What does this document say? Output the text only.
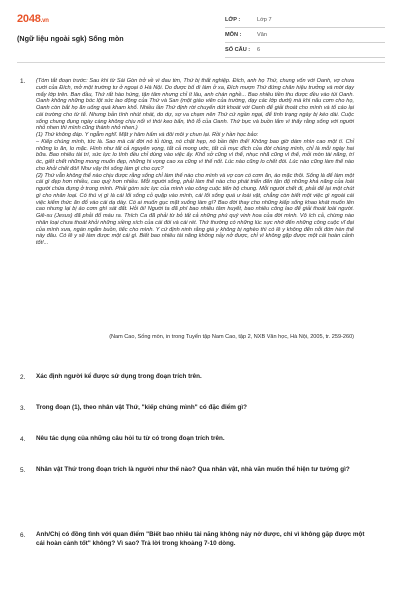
2048.vn
(Ngữ liệu ngoài sgk) Sống mòn
LỚP :	Lớp 7
MÔN :	Văn
SỐ CÂU :	6
1. (Tóm tắt đoạn trước: Sau khi từ Sài Gòn trở về vì đau tim, Thứ bị thất nghiệp. Đích, anh họ Thứ, chung vốn với Oanh, vợ chưa cưới của Đích, mở một trường tư ở ngoại ô Hà Nội. Do được bố dì làm ở xa, Đích mượn Thứ đứng chân hiệu trưởng và mời dạy mấy lớp trên. Ban đầu, Thứ rất hào hứng, tận tâm nhưng chỉ ít lâu, anh chán nghề... Bao nhiêu tiền thu được đều vào túi Oanh. Oanh không những bóc lột sức lao động của Thứ và San (một giáo viên của trường, dạy các lớp dưới) mà khi nấu cơm cho họ, Oanh còn bắt họ ăn uống quá kham khổ. Nhiều lần Thứ định rời chuyển dứt khoát với Oanh để giải thoát cho mình và tố cáo lại cái trường cho từ tế. Nhưng bản tính nhút nhát, do dự, sợ va chạm nên Thứ cứ ngần ngại, để tình trạng ngày bị kéo dài. Cuộc sống chung đụng ngày càng không chịu nổi vì thói keo bẩn, thô lỗ của Oanh. Thứ bực và buồn lắm vì thấy rằng sống với người nhỏ nhen thì mình cũng thành nhỏ nhen.)

(1) Thứ không đáp. Y ngẫm nghĩ. Mặt y hâm hẩm và đôi môi y chun lại. Rồi y hần học bảo:

– Kiếp chúng mình, tức là. Sao mà cái đời nó tủ túng, nó chật hẹp, nó bần tiện thế! Không bao giờ dám nhìn cao một tí. Chỉ những lo ăn, lo mặc. Hình như tất cả nguyên vọng, tất cả mong ước, tất cả mục đích của đời chúng mình, chỉ là mỗi ngày hai bữa. Bao nhiêu tài trí, sức lực lo tính đều chỉ dùng vào việc ấy. Khổ sở cũng vì thế, nhục nhã cũng vì thế, mỏi mòn tài năng, trí óc, giết chết những mong muốn đẹp, những hi vọng cao xa cũng vì thế nốt. Lúc nào cũng lo chết đói. Lúc nào cũng làm thế nào cho khỏi chết đói! Như vậy thì sống làm gì cho cực?

(2) Thứ vẫn không thể nào chịu được rằng sống chỉ làm thế nào cho mình và vợ con có cơm ăn, áo mặc thôi. Sống là để làm một cái gì đẹp hơn nhiều, cao quý hơn nhiều. Mỗi người sống, phải làm thế nào cho phát triển đến tận độ những khả năng của loài người chứa đựng ở trong mình. Phải góm sức lực của mình vào công cuộc tiến bộ chung. Mỗi người chết đi, phải để lại một chút gì cho nhân loại. Có thú vị gì là cái lối sống cỏ quặp vào mình, cái lối sống quá ư loài vật, chẳng còn biết một việc gì ngoài cái việc kiếm thức ăn đổ vào cái dạ dày. Có ai muốn gục mặt xuống làm gì? Bao đời thay cho những kiếp sống khao khát muốn lên cao nhưng lại bị áo cơm ghì sát đất. Hỏi ôi! Người ta đã phí bao nhiêu tâm huyết, bao nhiêu công lao để giải thoát loài người. Giê-su (Jesus) đã phải đổ máu ra. Thích Ca đã phải từ bỏ tất cả những phú quý vinh hoa của đời mình. Vô ích cả, chừng nào nhân loại chưa thoát khỏi những xiềng xích của cái đói và cái rét. Thứ thường có những lúc sực nhớ đến những công cuộc vĩ đại của mình xưa, ngán ngẩm buồn, tiếc cho mình. Y cứ định ninh rằng giá y không bị nghèo thì có lẽ y không đến nỗi đớn hèn thế này đâu. Có lẽ y sẽ làm được một cái gì. Biết bao nhiêu tài năng không nảy nở được, chỉ vì không gặp được một cái hoàn cảnh tốt!...

(Nam Cao, Sống mòn, in trong Tuyển tập Nam Cao, tập 2, NXB Văn học, Hà Nội, 2005, tr. 259-260)
2. Xác định người kể được sử dụng trong đoạn trích trên.
3. Trong đoạn (1), theo nhân vật Thứ, "kiếp chúng mình" có đặc điểm gì?
4. Nêu tác dụng của những câu hỏi tu từ có trong đoạn trích trên.
5. Nhân vật Thứ trong đoạn trích là người như thế nào? Qua nhân vật, nhà văn muốn thể hiện tư tưởng gì?
6. Anh/Chị có đồng tình với quan điểm "Biết bao nhiêu tài năng không nảy nở được, chỉ vì không gặp được một cái hoàn cảnh tốt" không? Vì sao? Trả lời trong khoảng 7-10 dòng.
